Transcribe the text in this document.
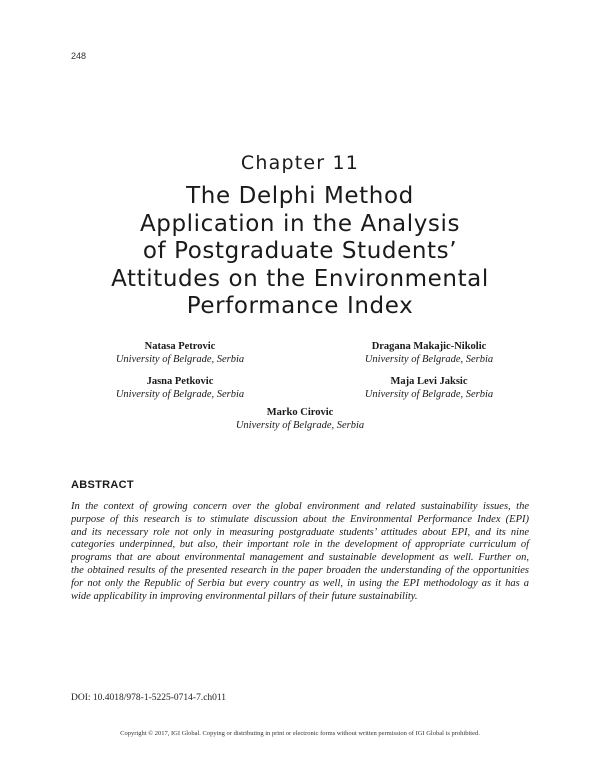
248
Chapter 11
The Delphi Method
Application in the Analysis
of Postgraduate Students’
Attitudes on the Environmental
Performance Index
Natasa Petrovic
University of Belgrade, Serbia
Dragana Makajic-Nikolic
University of Belgrade, Serbia
Jasna Petkovic
University of Belgrade, Serbia
Maja Levi Jaksic
University of Belgrade, Serbia
Marko Cirovic
University of Belgrade, Serbia
ABSTRACT
In the context of growing concern over the global environment and related sustainability issues, the
purpose of this research is to stimulate discussion about the Environmental Performance Index (EPI)
and its necessary role not only in measuring postgraduate students’ attitudes about EPI, and its nine
categories underpinned, but also, their important role in the development of appropriate curriculum of
programs that are about environmental management and sustainable development as well. Further on,
the obtained results of the presented research in the paper broaden the understanding of the opportunities
for not only the Republic of Serbia but every country as well, in using the EPI methodology as it has a
wide applicability in improving environmental pillars of their future sustainability.
DOI: 10.4018/978-1-5225-0714-7.ch011
Copyright © 2017, IGI Global. Copying or distributing in print or electronic forms without written permission of IGI Global is prohibited.
